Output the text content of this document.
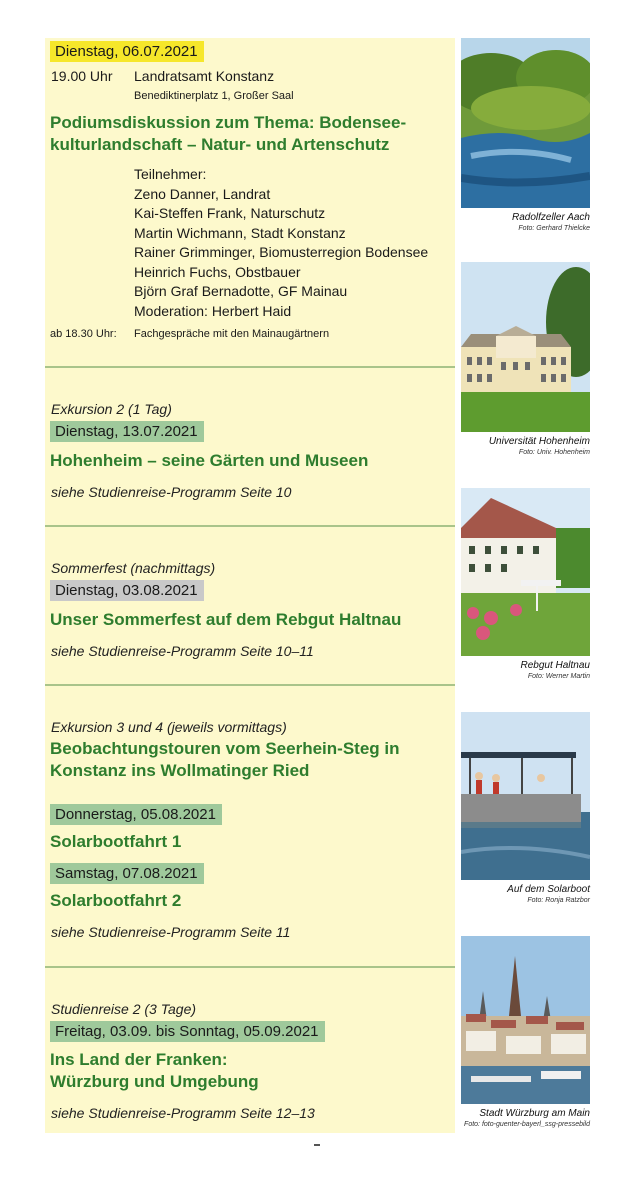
Dienstag, 06.07.2021
19.00 Uhr Landratsamt Konstanz
Benediktinerplatz 1, Großer Saal
Podiumsdiskussion zum Thema: Bodensee-
kulturlandschaft – Natur- und Artenschutz
Teilnehmer:
Zeno Danner, Landrat
Kai-Steffen Frank, Naturschutz
Martin Wichmann, Stadt Konstanz
Rainer Grimminger, Biomusterregion Bodensee
Heinrich Fuchs, Obstbauer
Björn Graf Bernadotte, GF Mainau
Moderation: Herbert Haid
ab 18.30 Uhr: Fachgespräche mit den Mainaugärtnern
Exkursion 2 (1 Tag)
Dienstag, 13.07.2021
Hohenheim – seine Gärten und Museen
siehe Studienreise-Programm Seite 10
Sommerfest (nachmittags)
Dienstag, 03.08.2021
Unser Sommerfest auf dem Rebgut Haltnau
siehe Studienreise-Programm Seite 10–11
Exkursion 3 und 4 (jeweils vormittags)
Beobachtungstouren vom Seerhein-Steg in
Konstanz ins Wollmatinger Ried
Donnerstag, 05.08.2021
Solarbootfahrt 1
Samstag, 07.08.2021
Solarbootfahrt 2
siehe Studienreise-Programm Seite 11
Studienreise 2 (3 Tage)
Freitag, 03.09. bis Sonntag, 05.09.2021
Ins Land der Franken:
Würzburg und Umgebung
siehe Studienreise-Programm Seite 12–13
Radolfzeller Aach
Foto: Gerhard Thielcke
Universität Hohenheim
Foto: Univ. Hohenheim
Rebgut Haltnau
Foto: Werner Martin
Auf dem Solarboot
Foto: Ronja Ratzbor
Stadt Würzburg am Main
Foto: foto-guenter-bayerl_ssg-pressebild
